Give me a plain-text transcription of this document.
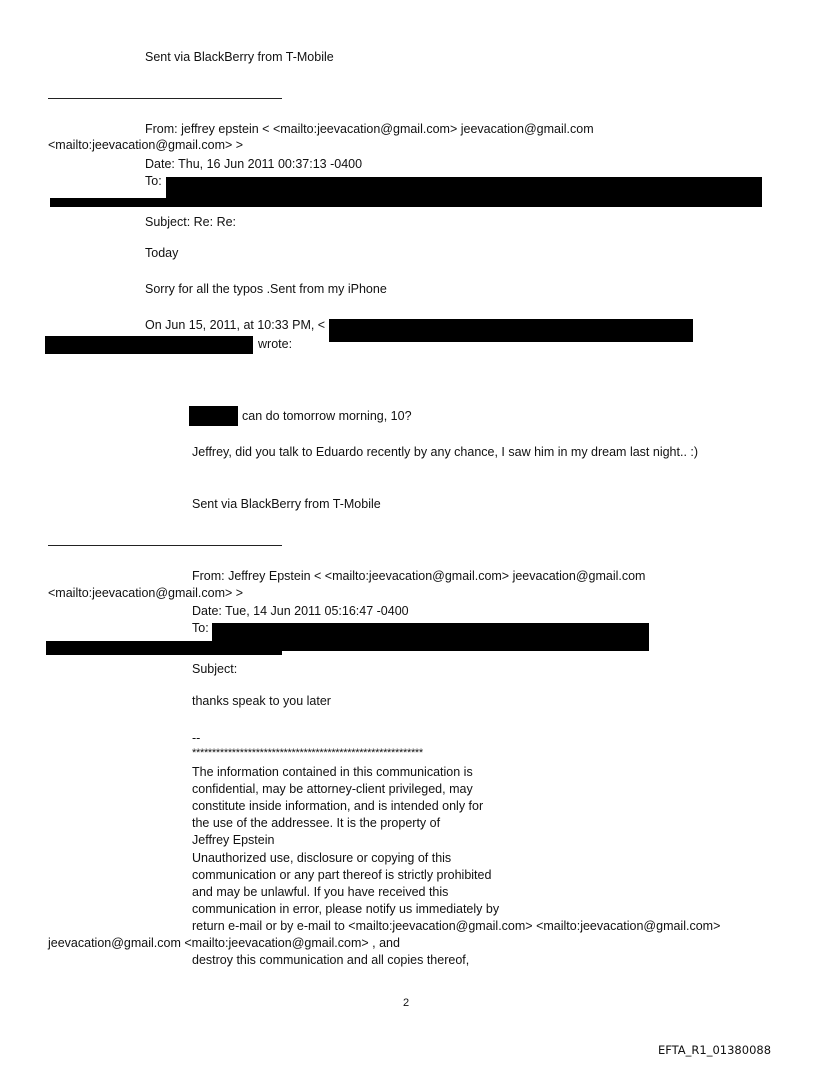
Sent via BlackBerry from T-Mobile
From: jeffrey epstein < <mailto:jeevacation@gmail.com> jeevacation@gmail.com
<mailto:jeevacation@gmail.com> >
Date: Thu, 16 Jun 2011 00:37:13 -0400
To:
Subject: Re: Re:
Today
Sorry for all the typos .Sent from my iPhone
On Jun 15, 2011, at 10:33 PM, <
wrote:
can do tomorrow morning, 10?
Jeffrey, did you talk to Eduardo recently by any chance, I saw him in my dream last night.. :)
Sent via BlackBerry from T-Mobile
From: Jeffrey Epstein < <mailto:jeevacation@gmail.com> jeevacation@gmail.com
<mailto:jeevacation@gmail.com> >
Date: Tue, 14 Jun 2011 05:16:47 -0400
To:
Subject:
thanks speak to you later
--
**********************************************************
The information contained in this communication is
confidential, may be attorney-client privileged, may
constitute inside information, and is intended only for
the use of the addressee. It is the property of
Jeffrey Epstein
Unauthorized use, disclosure or copying of this
communication or any part thereof is strictly prohibited
and may be unlawful. If you have received this
communication in error, please notify us immediately by
return e-mail or by e-mail to <mailto:jeevacation@gmail.com> <mailto:jeevacation@gmail.com>
jeevacation@gmail.com <mailto:jeevacation@gmail.com> , and
destroy this communication and all copies thereof,
2
EFTA_R1_01380088
